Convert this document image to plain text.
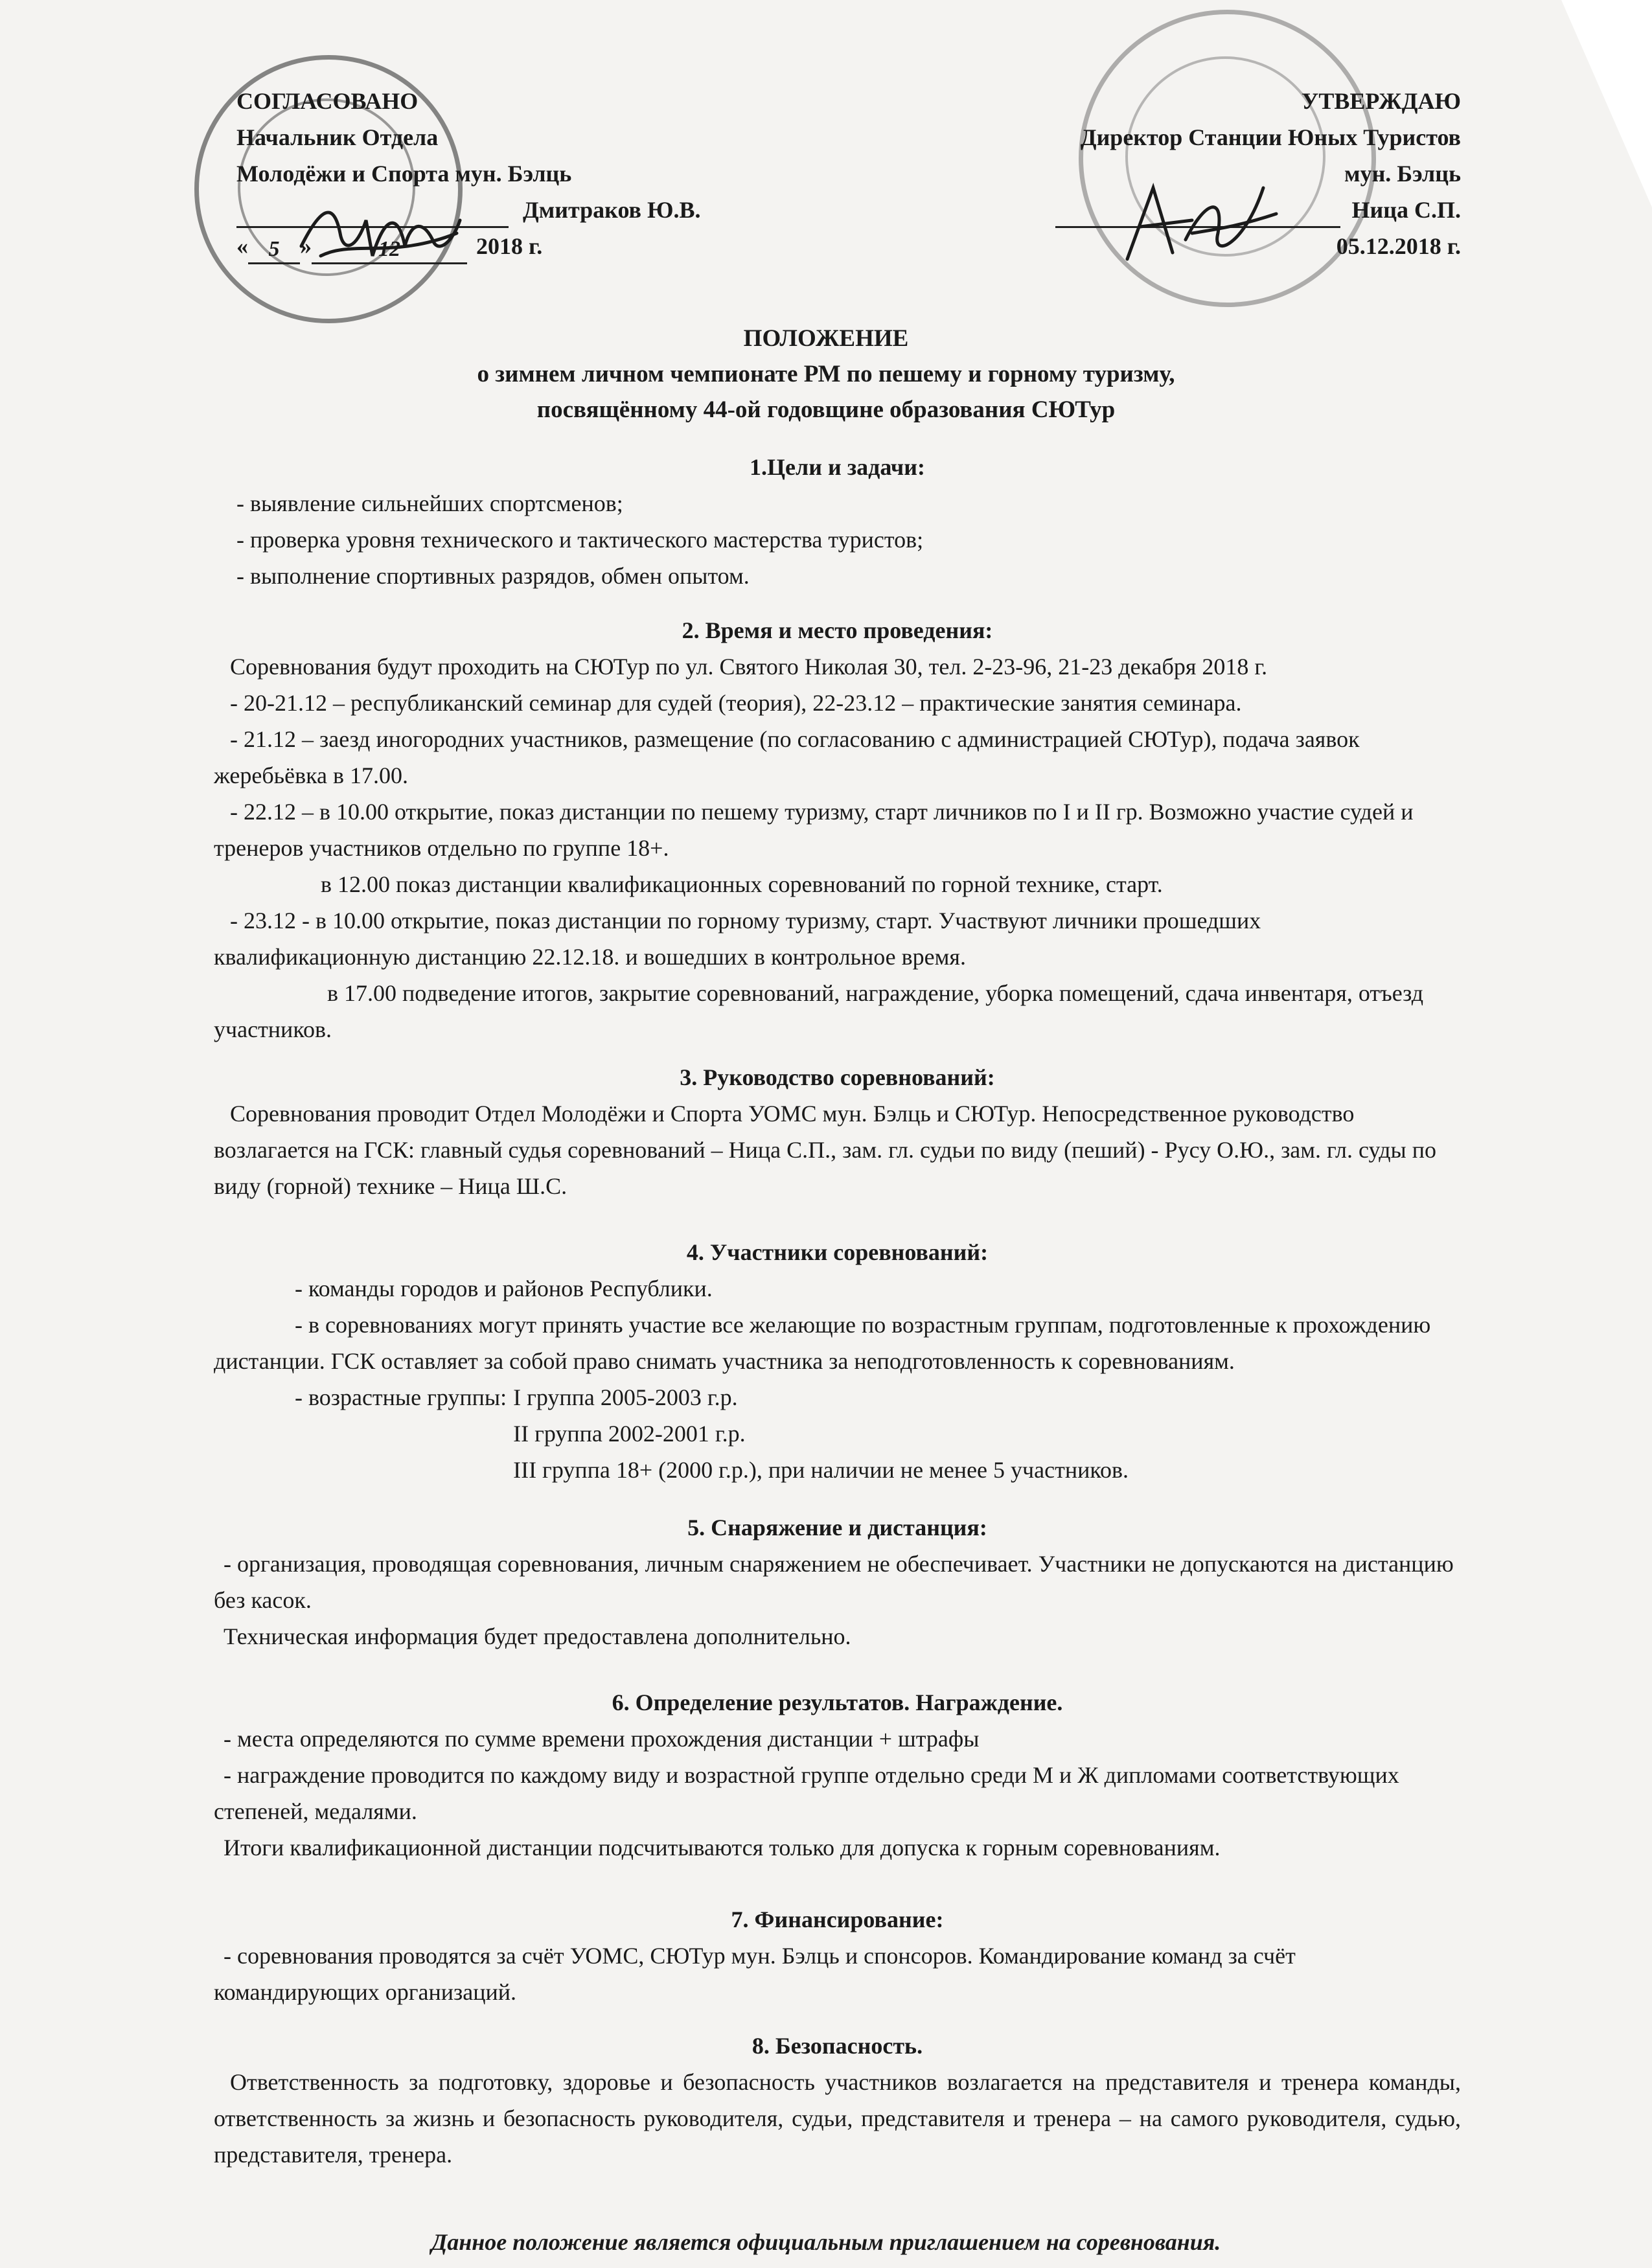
СОГЛАСОВАНО
Начальник Отдела
Молодёжи и Спорта мун. Бэлць
Дмитраков Ю.В.
« 5 »	12	2018 г.
УТВЕРЖДАЮ
Директор Станции Юных Туристов
мун. Бэлць
Ница С.П.
05.12.2018 г.
ПОЛОЖЕНИЕ
о зимнем личном чемпионате РМ по пешему и горному туризму,
посвящённому 44-ой годовщине образования СЮТур
1.Цели и задачи:

- выявление сильнейших спортсменов;

- проверка уровня технического и тактического мастерства туристов;

- выполнение спортивных разрядов, обмен опытом.

2. Время и место проведения:

Соревнования будут проходить на СЮТур по ул. Святого Николая 30, тел. 2-23-96, 21-23 декабря 2018 г.

- 20-21.12 – республиканский семинар для судей (теория), 22-23.12 – практические занятия семинара.

- 21.12 – заезд иногородних участников, размещение (по согласованию с администрацией СЮТур), подача заявок жеребьёвка в 17.00.

- 22.12 – в 10.00 открытие, показ дистанции по пешему туризму, старт личников по I и II гр. Возможно участие судей и тренеров участников отдельно по группе 18+.

в 12.00 показ дистанции квалификационных соревнований по горной технике, старт.

- 23.12 - в 10.00 открытие, показ дистанции по горному туризму, старт. Участвуют личники прошедших квалификационную дистанцию 22.12.18. и вошедших в контрольное время.

в 17.00 подведение итогов, закрытие соревнований, награждение, уборка помещений, сдача инвентаря, отъезд участников.

3. Руководство соревнований:

Соревнования проводит Отдел Молодёжи и Спорта УОМС мун. Бэлць и СЮТур. Непосредственное руководство возлагается на ГСК: главный судья соревнований – Ница С.П., зам. гл. судьи по виду (пеший) - Русу О.Ю., зам. гл. суды по виду (горной) технике – Ница Ш.С.

4. Участники соревнований:

- команды городов и районов Республики.

- в соревнованиях могут принять участие все желающие по возрастным группам, подготовленные к прохождению дистанции. ГСК оставляет за собой право снимать участника за неподготовленность к соревнованиям.

- возрастные группы: I группа 2005-2003 г.р.
II группа 2002-2001 г.р.
III группа 18+ (2000 г.р.), при наличии не менее 5 участников.
5. Снаряжение и дистанция:

- организация, проводящая соревнования, личным снаряжением не обеспечивает. Участники не допускаются на дистанцию без касок.

Техническая информация будет предоставлена дополнительно.

6. Определение результатов. Награждение.

- места определяются по сумме времени прохождения дистанции + штрафы

- награждение проводится по каждому виду и возрастной группе отдельно среди М и Ж дипломами соответствующих степеней, медалями.

Итоги квалификационной дистанции подсчитываются только для допуска к горным соревнованиям.

7. Финансирование:

- соревнования проводятся за счёт УОМС, СЮТур мун. Бэлць и спонсоров. Командирование команд за счёт командирующих организаций.

8. Безопасность.

Ответственность за подготовку, здоровье и безопасность участников возлагается на представителя и тренера команды, ответственность за жизнь и безопасность руководителя, судьи, представителя и тренера – на самого руководителя, судью, представителя, тренера.

Данное положение является официальным приглашением на соревнования.
